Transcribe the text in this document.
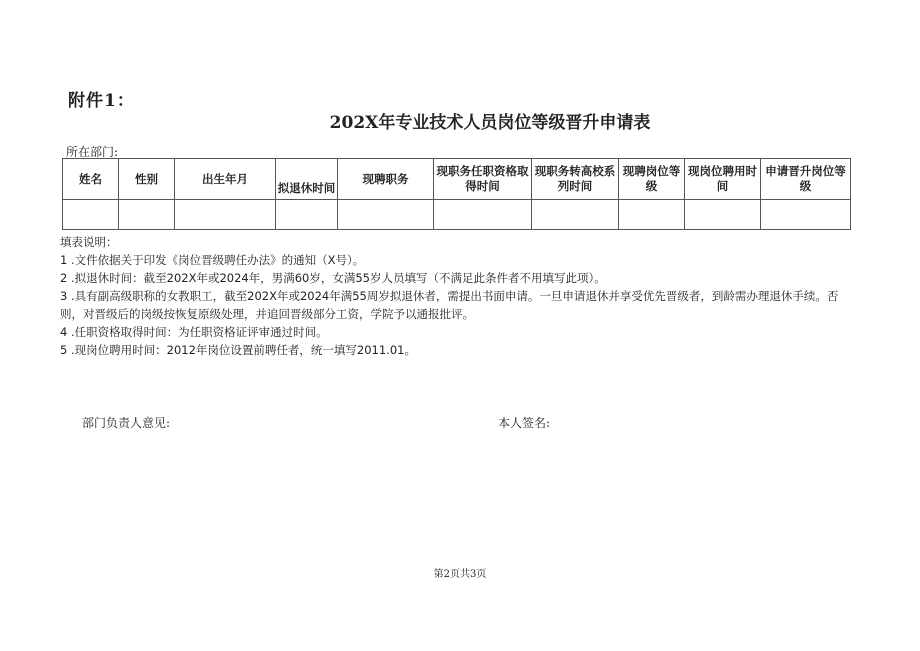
附件1：
202X年专业技术人员岗位等级晋升申请表
所在部门:
姓名	性别	出生年月	拟退休时间	现聘职务	现职务任职资格取得时间	现职务转高校系列时间	现聘岗位等级	现岗位聘用时间	申请晋升岗位等级

填表说明：
1 .文件依据关于印发《岗位晋级聘任办法》的通知（X号）。
2 .拟退休时间：截至202X年或2024年，男满60岁，女满55岁人员填写（不满足此条件者不用填写此项）。
3 .具有副高级职称的女教职工，截至202X年或2024年满55周岁拟退休者，需提出书面申请。一旦申请退休并享受优先晋级者，到龄需办理退休手续。否则，对晋级后的岗级按恢复原级处理，并追回晋级部分工资，学院予以通报批评。
4 .任职资格取得时间：为任职资格证评审通过时间。
5 .现岗位聘用时间：2012年岗位设置前聘任者，统一填写2011.01。
部门负责人意见:	本人签名:
第2页共3页
